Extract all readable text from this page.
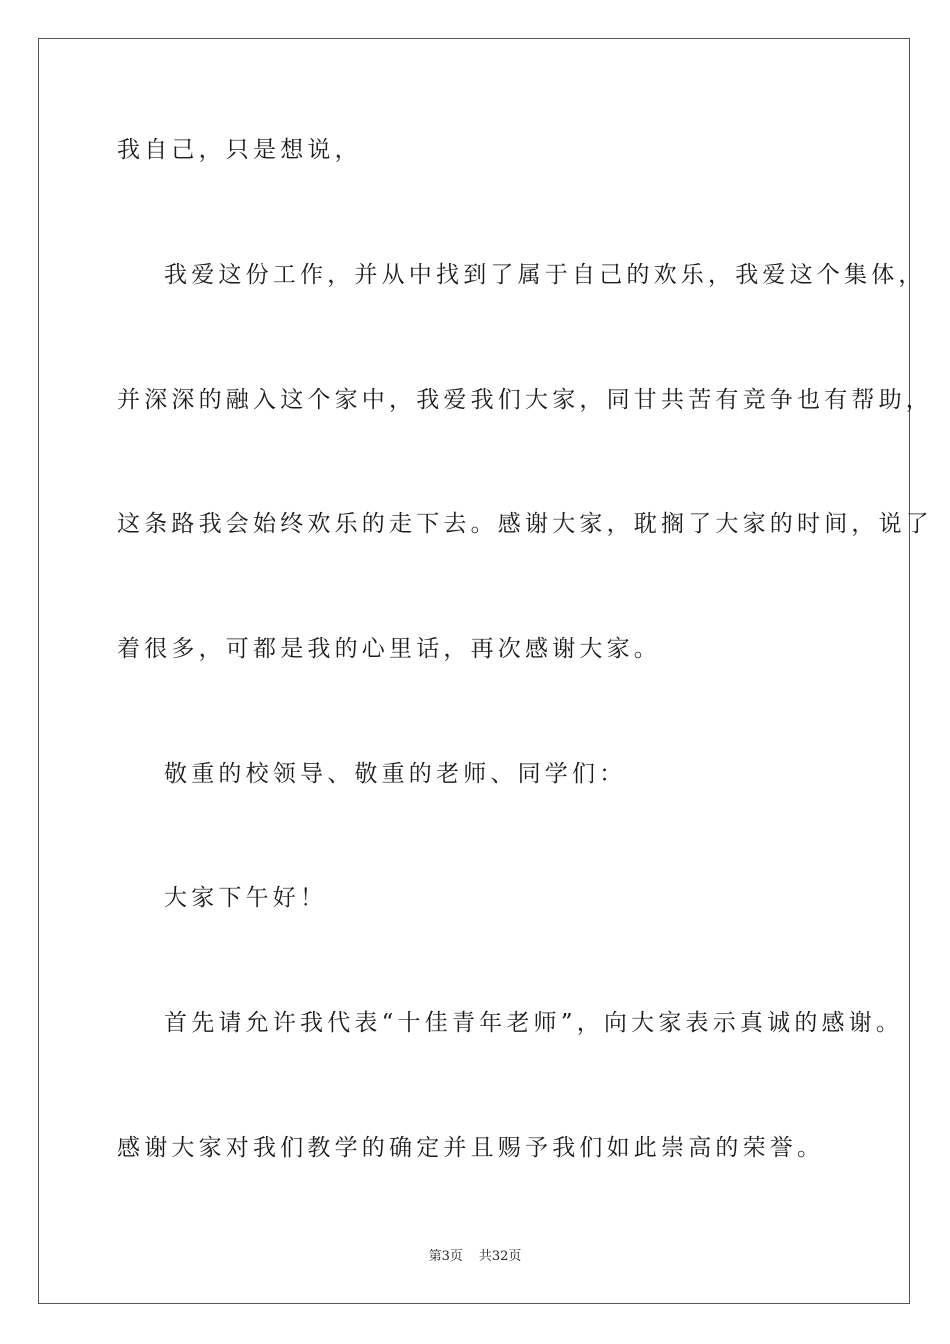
我自己，只是想说，
我爱这份工作，并从中找到了属于自己的欢乐，我爱这个集体，
并深深的融入这个家中，我爱我们大家，同甘共苦有竞争也有帮助，
这条路我会始终欢乐的走下去。感谢大家，耽搁了大家的时间，说了
着很多，可都是我的心里话，再次感谢大家。
敬重的校领导、敬重的老师、同学们：
大家下午好！
首先请允许我代表“十佳青年老师”，向大家表示真诚的感谢。
感谢大家对我们教学的确定并且赐予我们如此崇高的荣誉。
第3页 共32页
